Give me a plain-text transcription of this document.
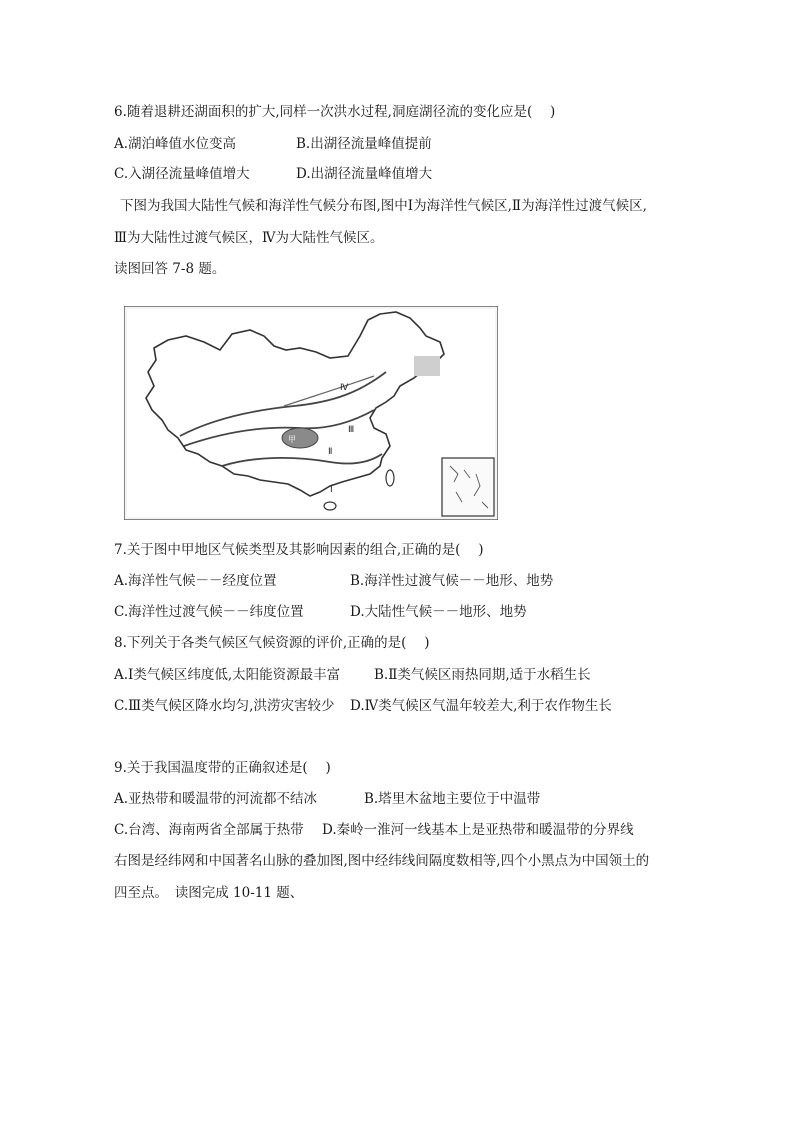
6.随着退耕还湖面积的扩大,同样一次洪水过程,洞庭湖径流的变化应是(　 )
A.湖泊峰值水位变高	B.出湖径流量峰值提前
C.入湖径流量峰值增大	D.出湖径流量峰值增大
下图为我国大陆性气候和海洋性气候分布图,图中Ⅰ为海洋性气候区,Ⅱ为海洋性过渡气候区,
Ⅲ为大陆性过渡气候区，Ⅳ为大陆性气候区。
读图回答 7-8 题。
Ⅳ
Ⅲ
Ⅱ
Ⅰ
甲
7.关于图中甲地区气候类型及其影响因素的组合,正确的是(　 )
A.海洋性气候－－经度位置	B.海洋性过渡气候－－地形、地势
C.海洋性过渡气候－－纬度位置	D.大陆性气候－－地形、地势
8.下列关于各类气候区气候资源的评价,正确的是(　 )
A.Ⅰ类气候区纬度低,太阳能资源最丰富	B.Ⅱ类气候区雨热同期,适于水稻生长
C.Ⅲ类气候区降水均匀,洪涝灾害较少 D.Ⅳ类气候区气温年较差大,利于农作物生长
9.关于我国温度带的正确叙述是(　 )
A.亚热带和暖温带的河流都不结冰	B.塔里木盆地主要位于中温带
C.台湾、海南两省全部属于热带 D.秦岭一淮河一线基本上是亚热带和暖温带的分界线
右图是经纬网和中国著名山脉的叠加图,图中经纬线间隔度数相等,四个小黑点为中国领土的
四至点。　读图完成 10-11 题、
